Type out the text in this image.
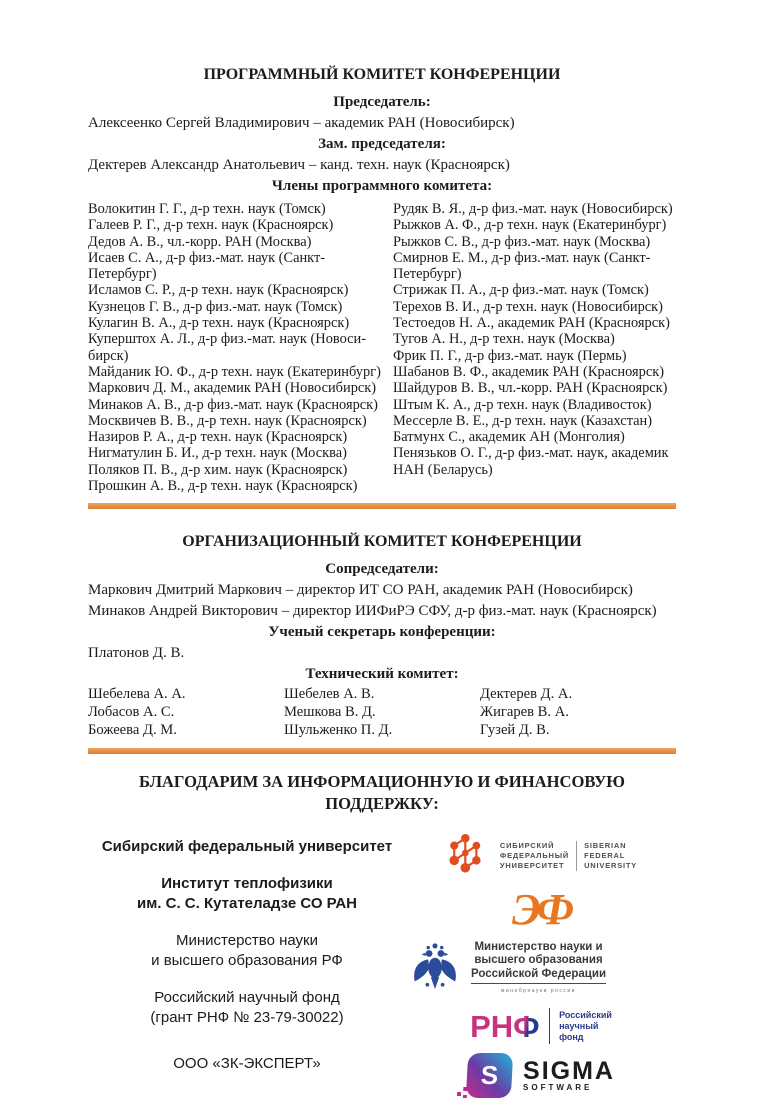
ПРОГРАММНЫЙ КОМИТЕТ КОНФЕРЕНЦИИ
Председатель:
Алексеенко Сергей Владимирович – академик РАН (Новосибирск)
Зам. председателя:
Дектерев Александр Анатольевич – канд. техн. наук (Красноярск)
Члены программного комитета:
Волокитин Г. Г., д-р техн. наук (Томск)
Галеев Р. Г., д-р техн. наук (Красноярск)
Дедов А. В., чл.-корр. РАН (Москва)
Исаев С. А., д-р физ.-мат. наук (Санкт-Петербург)
Исламов С. Р., д-р техн. наук (Красноярск)
Кузнецов Г. В., д-р физ.-мат. наук (Томск)
Кулагин В. А., д-р техн. наук (Красноярск)
Куперштох А. Л., д-р физ.-мат. наук (Новоси-бирск)
Майданик Ю. Ф., д-р техн. наук (Екатеринбург)
Маркович Д. М., академик РАН (Новосибирск)
Минаков А. В., д-р физ.-мат. наук (Красноярск)
Москвичев В. В., д-р техн. наук (Красноярск)
Назиров Р. А., д-р техн. наук (Красноярск)
Нигматулин Б. И., д-р техн. наук (Москва)
Поляков П. В., д-р хим. наук (Красноярск)
Прошкин А. В., д-р техн. наук (Красноярск)
Рудяк В. Я., д-р физ.-мат. наук (Новосибирск)
Рыжков А. Ф., д-р техн. наук (Екатеринбург)
Рыжков С. В., д-р физ.-мат. наук (Москва)
Смирнов Е. М., д-р физ.-мат. наук (Санкт-Петербург)
Стрижак П. А., д-р физ.-мат. наук (Томск)
Терехов В. И., д-р техн. наук (Новосибирск)
Тестоедов Н. А., академик РАН (Красноярск)
Тугов А. Н., д-р техн. наук (Москва)
Фрик П. Г., д-р физ.-мат. наук (Пермь)
Шабанов В. Ф., академик РАН (Красноярск)
Шайдуров В. В., чл.-корр. РАН (Красноярск)
Штым К. А., д-р техн. наук (Владивосток)
Мессерле В. Е., д-р техн. наук (Казахстан)
Батмунх С., академик АН (Монголия)
Пенязьков О. Г., д-р физ.-мат. наук, академик НАН (Беларусь)
ОРГАНИЗАЦИОННЫЙ КОМИТЕТ КОНФЕРЕНЦИИ
Сопредседатели:
Маркович Дмитрий Маркович – директор ИТ СО РАН, академик РАН (Новосибирск)
Минаков Андрей Викторович – директор ИИФиРЭ СФУ, д-р физ.-мат. наук (Красноярск)
Ученый секретарь конференции:
Платонов Д. В.
Технический комитет:
Шебелева А. А.
Лобасов А. С.
Божеева Д. М.
Шебелев А. В.
Мешкова В. Д.
Шульженко П. Д.
Дектерев Д. А.
Жигарев В. А.
Гузей Д. В.
БЛАГОДАРИМ ЗА ИНФОРМАЦИОННУЮ И ФИНАНСОВУЮ ПОДДЕРЖКУ:
Сибирский федеральный университет
Институт теплофизики
им. С. С. Кутателадзе СО РАН
Министерство науки
и высшего образования РФ
Российский научный фонд
(грант РНФ № 23-79-30022)
ООО «ЗК-ЭКСПЕРТ»
СИБИРСКИЙ
ФЕДЕРАЛЬНЫЙ
УНИВЕРСИТЕТ
SIBERIAN
FEDERAL
UNIVERSITY
ЭФ
Министерство науки и
высшего образования
Российской Федерации
минобрнауки россии
РНФ Российский
научный
фонд
S SIGMA
SOFTWARE
